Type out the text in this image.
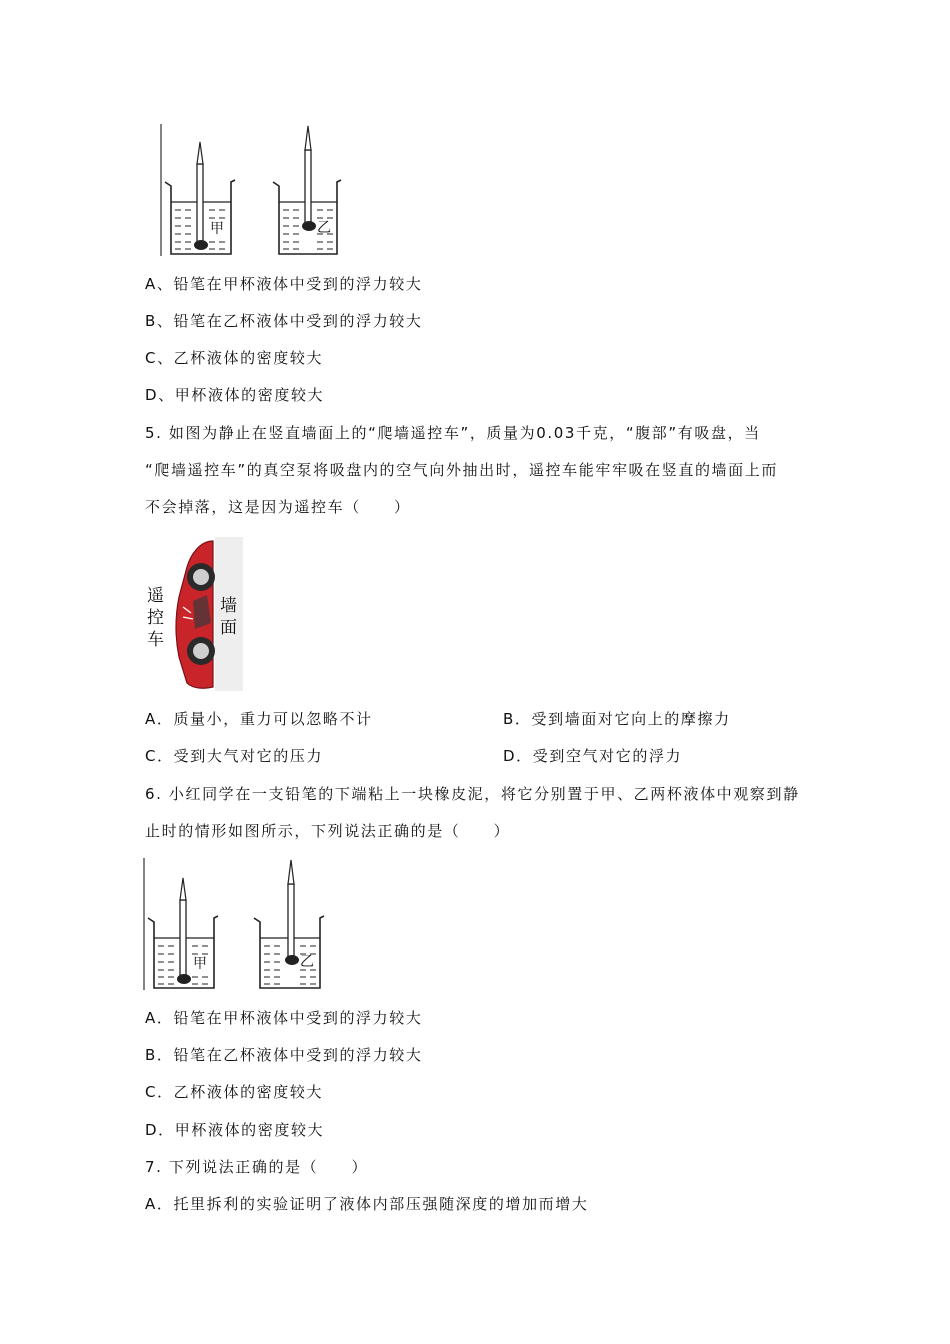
甲	乙
A、铅笔在甲杯液体中受到的浮力较大
B、铅笔在乙杯液体中受到的浮力较大
C、乙杯液体的密度较大
D、甲杯液体的密度较大
5. 如图为静止在竖直墙面上的“爬墙遥控车”，质量为0.03千克，“腹部”有吸盘，当
“爬墙遥控车”的真空泵将吸盘内的空气向外抽出时，遥控车能牢牢吸在竖直的墙面上而
不会掉落，这是因为遥控车（　　）
遥
控
车
墙
面
A．质量小，重力可以忽略不计	B．受到墙面对它向上的摩擦力
C．受到大气对它的压力	D．受到空气对它的浮力
6. 小红同学在一支铅笔的下端粘上一块橡皮泥，将它分别置于甲、乙两杯液体中观察到静
止时的情形如图所示，下列说法正确的是（　　）
甲	乙
A．铅笔在甲杯液体中受到的浮力较大
B．铅笔在乙杯液体中受到的浮力较大
C．乙杯液体的密度较大
D．甲杯液体的密度较大
7. 下列说法正确的是（　　）
A．托里拆利的实验证明了液体内部压强随深度的增加而增大
